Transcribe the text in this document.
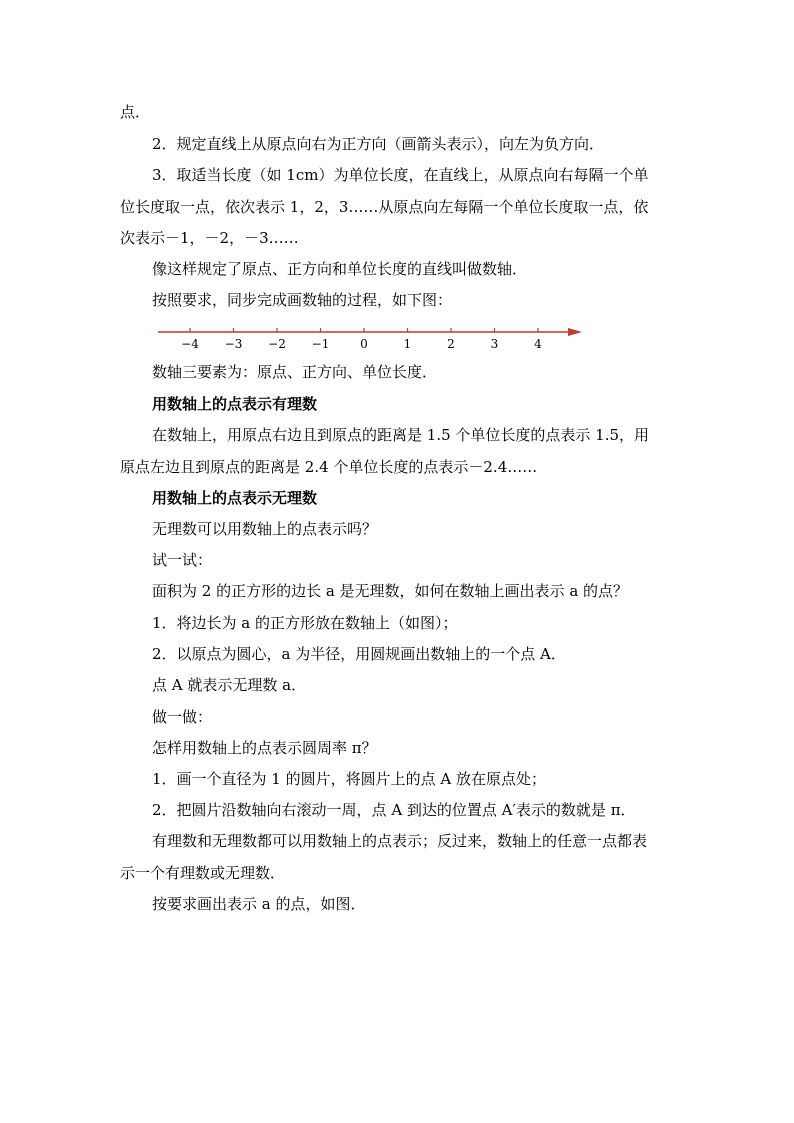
点．
2．规定直线上从原点向右为正方向（画箭头表示），向左为负方向．
3．取适当长度（如 1cm）为单位长度，在直线上，从原点向右每隔一个单
位长度取一点，依次表示 1，2，3……从原点向左每隔一个单位长度取一点，依
次表示－1，－2，－3……
像这样规定了原点、正方向和单位长度的直线叫做数轴．
按照要求，同步完成画数轴的过程，如下图：
−4 −3 −2 −1	0	1	2	3	4
数轴三要素为：原点、正方向、单位长度．
用数轴上的点表示有理数
在数轴上，用原点右边且到原点的距离是 1.5 个单位长度的点表示 1.5，用
原点左边且到原点的距离是 2.4 个单位长度的点表示－2.4……
用数轴上的点表示无理数
无理数可以用数轴上的点表示吗？
试一试：
面积为 2 的正方形的边长 a 是无理数，如何在数轴上画出表示 a 的点？
1．将边长为 a 的正方形放在数轴上（如图）；
2．以原点为圆心，a 为半径，用圆规画出数轴上的一个点 A．
点 A 就表示无理数 a．
做一做：
怎样用数轴上的点表示圆周率 π？
1．画一个直径为 1 的圆片，将圆片上的点 A 放在原点处；
2．把圆片沿数轴向右滚动一周，点 A 到达的位置点 A′表示的数就是 π．
有理数和无理数都可以用数轴上的点表示；反过来，数轴上的任意一点都表
示一个有理数或无理数．
按要求画出表示 a 的点，如图．
